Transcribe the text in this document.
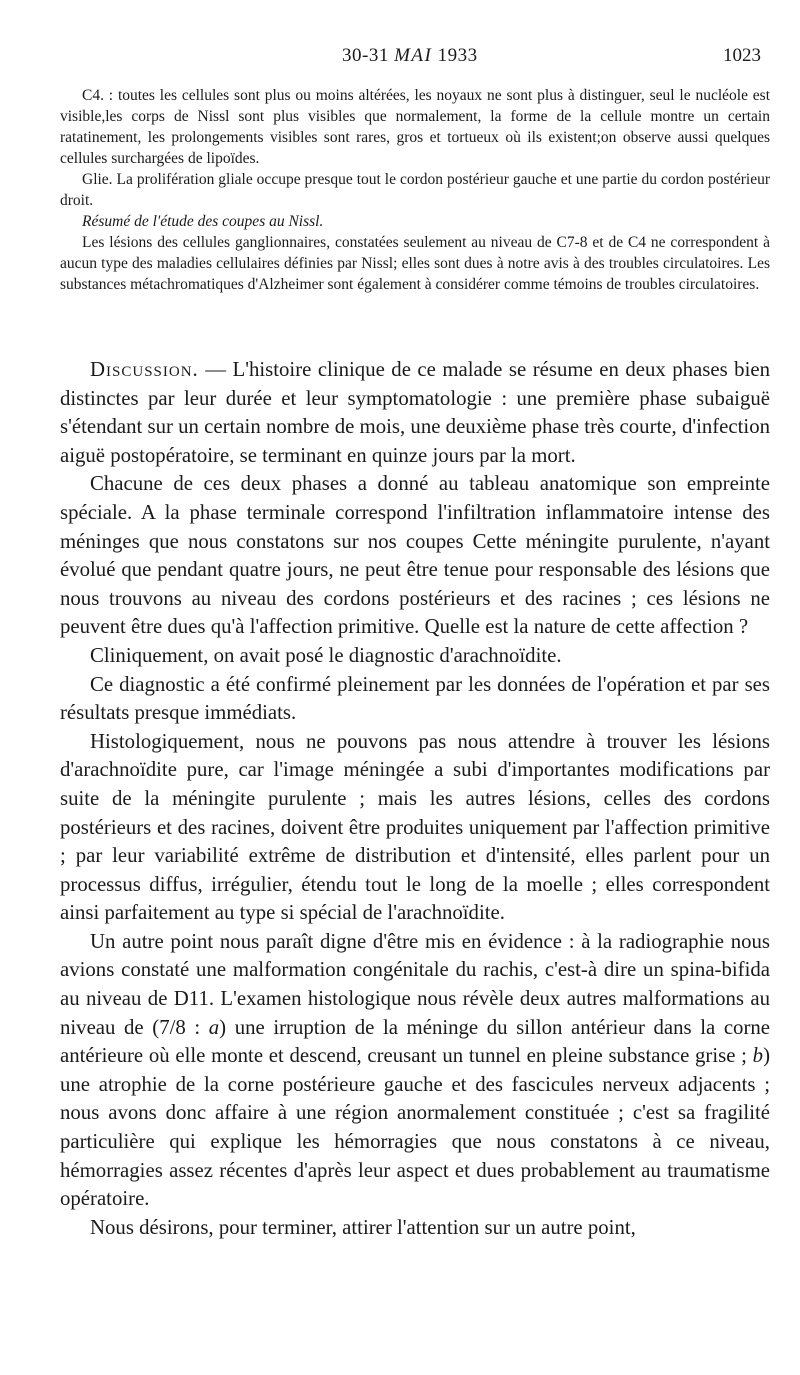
30-31 MAI 1933	1023

C4. : toutes les cellules sont plus ou moins altérées, les noyaux ne sont plus à distinguer, seul le nucléole est visible,les corps de Nissl sont plus visibles que normalement, la forme de la cellule montre un certain ratatinement, les prolongements visibles sont rares, gros et tortueux où ils existent;on observe aussi quelques cellules surchargées de lipoïdes.

Glie. La prolifération gliale occupe presque tout le cordon postérieur gauche et une partie du cordon postérieur droit.

Résumé de l'étude des coupes au Nissl.

Les lésions des cellules ganglionnaires, constatées seulement au niveau de C7-8 et de C4 ne correspondent à aucun type des maladies cellulaires définies par Nissl; elles sont dues à notre avis à des troubles circulatoires. Les substances métachromatiques d'Alzheimer sont également à considérer comme témoins de troubles circulatoires.

Discussion. — L'histoire clinique de ce malade se résume en deux phases bien distinctes par leur durée et leur symptomatologie : une première phase subaiguë s'étendant sur un certain nombre de mois, une deuxième phase très courte, d'infection aiguë postopératoire, se terminant en quinze jours par la mort.

Chacune de ces deux phases a donné au tableau anatomique son empreinte spéciale. A la phase terminale correspond l'infiltration inflammatoire intense des méninges que nous constatons sur nos coupes Cette méningite purulente, n'ayant évolué que pendant quatre jours, ne peut être tenue pour responsable des lésions que nous trouvons au niveau des cordons postérieurs et des racines ; ces lésions ne peuvent être dues qu'à l'affection primitive. Quelle est la nature de cette affection ?

Cliniquement, on avait posé le diagnostic d'arachnoïdite.

Ce diagnostic a été confirmé pleinement par les données de l'opération et par ses résultats presque immédiats.

Histologiquement, nous ne pouvons pas nous attendre à trouver les lésions d'arachnoïdite pure, car l'image méningée a subi d'importantes modifications par suite de la méningite purulente ; mais les autres lésions, celles des cordons postérieurs et des racines, doivent être produites uniquement par l'affection primitive ; par leur variabilité extrême de distribution et d'intensité, elles parlent pour un processus diffus, irrégulier, étendu tout le long de la moelle ; elles correspondent ainsi parfaitement au type si spécial de l'arachnoïdite.

Un autre point nous paraît digne d'être mis en évidence : à la radiographie nous avions constaté une malformation congénitale du rachis, c'est-à dire un spina-bifida au niveau de D11. L'examen histologique nous révèle deux autres malformations au niveau de (7/8 : a) une irruption de la méninge du sillon antérieur dans la corne antérieure où elle monte et descend, creusant un tunnel en pleine substance grise ; b) une atrophie de la corne postérieure gauche et des fascicules nerveux adjacents ; nous avons donc affaire à une région anormalement constituée ; c'est sa fragilité particulière qui explique les hémorragies que nous constatons à ce niveau, hémorragies assez récentes d'après leur aspect et dues probablement au traumatisme opératoire.

Nous désirons, pour terminer, attirer l'attention sur un autre point,
